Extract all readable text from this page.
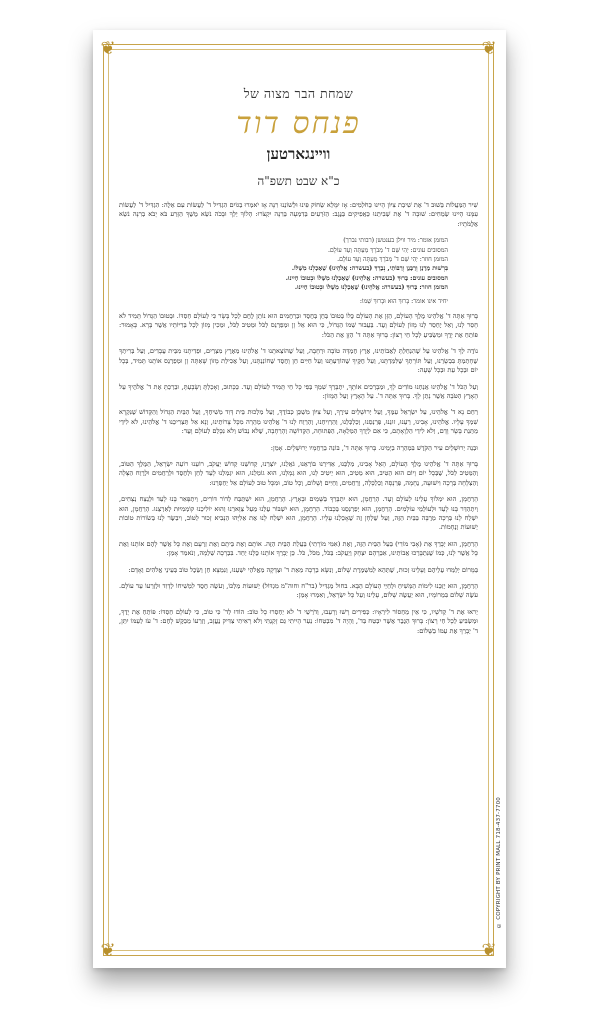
❦	❦
❦	❦
שמחת הבר מצוה של
פנחס דוד
וויינגארטען
כ"א שבט תשפ"ה
שִׁיר הַמַּעֲלוֹת בְּשׁוּב ד' אֶת שִׁיבַת צִיּוֹן הָיִינוּ כְּחֹלְמִים: אָז יִמָּלֵא שְׂחוֹק פִּינוּ וּלְשׁוֹנֵנוּ רִנָּה אָז יֹאמְרוּ בַגּוֹיִם הִגְדִּיל ד' לַעֲשׂוֹת עִם אֵלֶּה: הִגְדִּיל ד' לַעֲשׂוֹת עִמָּנוּ הָיִינוּ שְׂמֵחִים: שׁוּבָה ד' אֶת שְׁבִיתֵנוּ כַּאֲפִיקִים בַּנֶּגֶב: הַזֹּרְעִים בְּדִמְעָה בְּרִנָּה יִקְצֹרוּ: הָלוֹךְ יֵלֵךְ וּבָכֹה נֹשֵׂא מֶשֶׁךְ הַזָּרַע בֹּא יָבֹא בְרִנָּה נֹשֵׂא אֲלֻמֹּתָיו:
המזמן אומר: מיר ווילן בענטשן (רבותי נברך)
המסובים עונים: יְהִי שֵׁם ד' מְבֹרָךְ מֵעַתָּה וְעַד עוֹלָם.
המזמן חוזר: יְהִי שֵׁם ד' מְבֹרָךְ מֵעַתָּה וְעַד עוֹלָם.
בִּרְשׁוּת מָרָנָן וְרַבָּנָן וְרַבּוֹתַי, נְבָרֵךְ (בעשרה: אֱלֹהֵינוּ) שֶׁאָכַלְנוּ מִשֶּׁלּוֹ.
המסובים עונים: בָּרוּךְ (בעשרה: אֱלֹהֵינוּ) שֶׁאָכַלְנוּ מִשֶּׁלּוֹ וּבְטוּבוֹ חָיִינוּ.
המזמן חוזר: בָּרוּךְ (בעשרה: אֱלֹהֵינוּ) שֶׁאָכַלְנוּ מִשֶּׁלּוֹ וּבְטוּבוֹ חָיִינוּ.
יחיד אינו אומר: בָּרוּךְ הוּא וּבָרוּךְ שְׁמוֹ:
בָּרוּךְ אַתָּה ד' אֱלֹהֵינוּ מֶלֶךְ הָעוֹלָם, הַזָּן אֶת הָעוֹלָם כֻּלּוֹ בְּטוּבוֹ בְּחֵן בְּחֶסֶד וּבְרַחֲמִים הוּא נוֹתֵן לֶחֶם לְכָל בָּשָׂר כִּי לְעוֹלָם חַסְדּוֹ. וּבְטוּבוֹ הַגָּדוֹל תָּמִיד לֹא חָסַר לָנוּ, וְאַל יֶחְסַר לָנוּ מָזוֹן לְעוֹלָם וָעֶד. בַּעֲבוּר שְׁמוֹ הַגָּדוֹל, כִּי הוּא אֵל זָן וּמְפַרְנֵס לַכֹּל וּמֵטִיב לַכֹּל, וּמֵכִין מָזוֹן לְכָל בְּרִיּוֹתָיו אֲשֶׁר בָּרָא. כָּאָמוּר: פּוֹתֵחַ אֶת יָדֶךָ וּמַשְׂבִּיעַ לְכָל חַי רָצוֹן: בָּרוּךְ אַתָּה ד' הַזָּן אֶת הַכֹּל:
נוֹדֶה לְּךָ ד' אֱלֹהֵינוּ עַל שֶׁהִנְחַלְתָּ לַאֲבוֹתֵינוּ, אֶרֶץ חֶמְדָּה טוֹבָה וּרְחָבָה, וְעַל שֶׁהוֹצֵאתָנוּ ד' אֱלֹהֵינוּ מֵאֶרֶץ מִצְרַיִם, וּפְדִיתָנוּ מִבֵּית עֲבָדִים, וְעַל בְּרִיתְךָ שֶׁחָתַמְתָּ בִּבְשָׂרֵנוּ, וְעַל תּוֹרָתְךָ שֶׁלִּמַּדְתָּנוּ, וְעַל חֻקֶּיךָ שֶׁהוֹדַעְתָּנוּ וְעַל חַיִּים חֵן וָחֶסֶד שֶׁחוֹנַנְתָּנוּ, וְעַל אֲכִילַת מָזוֹן שָׁאַתָּה זָן וּמְפַרְנֵס אוֹתָנוּ תָּמִיד, בְּכָל יוֹם וּבְכָל עֵת וּבְכָל שָׁעָה:
וְעַל הַכֹּל ד' אֱלֹהֵינוּ אֲנַחְנוּ מוֹדִים לָךְ, וּמְבָרְכִים אוֹתָךְ, יִתְבָּרַךְ שִׁמְךָ בְּפִי כָּל חַי תָּמִיד לְעוֹלָם וָעֶד. כַּכָּתוּב, וְאָכַלְתָּ וְשָׂבָעְתָּ, וּבֵרַכְתָּ אֶת ד' אֱלֹהֶיךָ עַל הָאָרֶץ הַטֹּבָה אֲשֶׁר נָתַן לָךְ. בָּרוּךְ אַתָּה ד'. עַל הָאָרֶץ וְעַל הַמָּזוֹן:
רַחֵם נָא ד' אֱלֹהֵינוּ, עַל יִשְׂרָאֵל עַמֶּךָ, וְעַל יְרוּשָׁלַיִם עִירֶךָ, וְעַל צִיּוֹן מִשְׁכַּן כְּבוֹדֶךָ, וְעַל מַלְכוּת בֵּית דָּוִד מְשִׁיחֶךָ, וְעַל הַבַּיִת הַגָּדוֹל וְהַקָּדוֹשׁ שֶׁנִּקְרָא שִׁמְךָ עָלָיו. אֱלֹהֵינוּ, אָבִינוּ, רְעֵנוּ, זוּנֵנוּ, פַּרְנְסֵנוּ, וְכַלְכְּלֵנוּ, וְהַרְוִיחֵנוּ, וְהַרְוַח לָנוּ ד' אֱלֹהֵינוּ מְהֵרָה מִכָּל צָרוֹתֵינוּ, וְנָא אַל תַּצְרִיכֵנוּ ד' אֱלֹהֵינוּ, לֹא לִידֵי מַתְּנַת בָּשָׂר וָדָם, וְלֹא לִידֵי הַלְוָאָתָם, כִּי אִם לְיָדְךָ הַמְּלֵאָה, הַפְּתוּחָה, הַקְּדוֹשָׁה וְהָרְחָבָה, שֶׁלֹּא נֵבוֹשׁ וְלֹא נִכָּלֵם לְעוֹלָם וָעֶד:
וּבְנֵה יְרוּשָׁלַיִם עִיר הַקֹּדֶשׁ בִּמְהֵרָה בְיָמֵינוּ. בָּרוּךְ אַתָּה ד', בּוֹנֵה בְרַחֲמָיו יְרוּשָׁלָיִם. אָמֵן:
בָּרוּךְ אַתָּה ד' אֱלֹהֵינוּ מֶלֶךְ הָעוֹלָם, הָאֵל אָבִינוּ, מַלְכֵּנוּ, אַדִּירֵנוּ בּוֹרְאֵנוּ, גֹּאֲלֵנוּ, יוֹצְרֵנוּ, קְדוֹשֵׁנוּ קְדוֹשׁ יַעֲקֹב, רוֹעֵנוּ רוֹעֵה יִשְׂרָאֵל, הַמֶּלֶךְ הַטּוֹב, וְהַמֵּטִיב לַכֹּל, שֶׁבְּכָל יוֹם וָיוֹם הוּא הֵטִיב, הוּא מֵטִיב, הוּא יֵיטִיב לָנוּ, הוּא גְמָלָנוּ, הוּא גוֹמְלֵנוּ, הוּא יִגְמְלֵנוּ לָעַד לְחֵן וּלְחֶסֶד וּלְרַחֲמִים וּלְרֶוַח הַצָּלָה וְהַצְלָחָה בְּרָכָה וִישׁוּעָה, נֶחָמָה, פַּרְנָסָה וְכַלְכָּלָה, וְרַחֲמִים, וְחַיִּים וְשָׁלוֹם, וְכָל טוֹב, וּמִכָּל טוּב לְעוֹלָם אַל יְחַסְּרֵנוּ:
הָרַחֲמָן, הוּא יִמְלוֹךְ עָלֵינוּ לְעוֹלָם וָעֶד. הָרַחֲמָן, הוּא יִתְבָּרַךְ בַּשָּׁמַיִם וּבָאָרֶץ. הָרַחֲמָן, הוּא יִשְׁתַּבַּח לְדוֹר דּוֹרִים, וְיִתְפָּאַר בָּנוּ לָעַד וּלְנֵצַח נְצָחִים, וְיִתְהַדַּר בָּנוּ לָעַד וּלְעוֹלְמֵי עוֹלָמִים. הָרַחֲמָן, הוּא יְפַרְנְסֵנוּ בְּכָבוֹד. הָרַחֲמָן, הוּא יִשְׁבּוֹר עֻלֵּנוּ מֵעַל צַוָּארֵנוּ וְהוּא יוֹלִיכֵנוּ קוֹמְמִיּוּת לְאַרְצֵנוּ. הָרַחֲמָן, הוּא יִשְׁלַח לָנוּ בְּרָכָה מְרֻבָּה בַּבַּיִת הַזֶּה, וְעַל שֻׁלְחָן זֶה שֶׁאָכַלְנוּ עָלָיו. הָרַחֲמָן, הוּא יִשְׁלַח לָנוּ אֶת אֵלִיָּהוּ הַנָּבִיא זָכוּר לַטּוֹב, וִיבַשֶּׂר לָנוּ בְּשׂוֹרוֹת טוֹבוֹת יְשׁוּעוֹת וְנֶחָמוֹת.
הָרַחֲמָן, הוּא יְבָרֵךְ אֶת (אָבִי מוֹרִי) בַּעַל הַבַּיִת הַזֶּה, וְאֶת (אִמִּי מוֹרָתִי) בַּעֲלַת הַבַּיִת הַזֶּה. אוֹתָם וְאֶת בֵּיתָם וְאֶת זַרְעָם וְאֶת כָּל אֲשֶׁר לָהֶם אוֹתָנוּ וְאֶת כָּל אֲשֶׁר לָנוּ, כְּמוֹ שֶׁנִּתְבָּרְכוּ אֲבוֹתֵינוּ, אַבְרָהָם יִצְחָק וְיַעֲקֹב: בַּכֹּל, מִכֹּל, כֹּל. כֵּן יְבָרֵךְ אוֹתָנוּ כֻּלָּנוּ יַחַד. בִּבְרָכָה שְׁלֵמָה, וְנֹאמַר אָמֵן:
בַּמָּרוֹם יְלַמְּדוּ עֲלֵיהֶם וְעָלֵינוּ זְכוּת, שֶׁתְּהֵא לְמִשְׁמֶרֶת שָׁלוֹם, וְנִשָּׂא בְרָכָה מֵאֵת ד' וּצְדָקָה מֵאֱלֹהֵי יִשְׁעֵנוּ, וְנִמְצָא חֵן וְשֵׂכֶל טוֹב בְּעֵינֵי אֱלֹהִים וְאָדָם:
הָרַחֲמָן, הוּא יְזַכֵּנוּ לִימוֹת הַמָּשִׁיחַ וּלְחַיֵּי הָעוֹלָם הַבָּא. בחול מַגְדִּיל (בר"ח וחוה"מ מִגְדּוֹל) יְשׁוּעוֹת מַלְכּוֹ, וְעֹשֶׂה חֶסֶד לִמְשִׁיחוֹ לְדָוִד וּלְזַרְעוֹ עַד עוֹלָם. עֹשֶׂה שָׁלוֹם בִּמְרוֹמָיו, הוּא יַעֲשֶׂה שָׁלוֹם, עָלֵינוּ וְעַל כָּל יִשְׂרָאֵל, וְאִמְרוּ אָמֵן:
יְראוּ אֶת ד' קְדֹשָׁיו, כִּי אֵין מַחְסוֹר לִירֵאָיו: כְּפִירִים רָשׁוּ וְרָעֵבוּ, וְדֹרְשֵׁי ד' לֹא יַחְסְרוּ כָל טוֹב: הוֹדוּ לַד' כִּי טוֹב, כִּי לְעוֹלָם חַסְדּוֹ: פּוֹתֵחַ אֶת יָדֶךָ, וּמַשְׂבִּיעַ לְכָל חַי רָצוֹן: בָּרוּךְ הַגֶּבֶר אֲשֶׁר יִבְטַח בַּד', וְהָיָה ד' מִבְטַחוֹ: נַעַר הָיִיתִי גַּם זָקַנְתִּי וְלֹא רָאִיתִי צַדִּיק נֶעֱזָב, וְזַרְעוֹ מְבַקֶּשׁ לָחֶם: ד' עֹז לְעַמּוֹ יִתֵּן, ד' יְבָרֵךְ אֶת עַמּוֹ בַשָּׁלוֹם:
© COPYRIGHT BY PRINT MALL 718-437-7700
